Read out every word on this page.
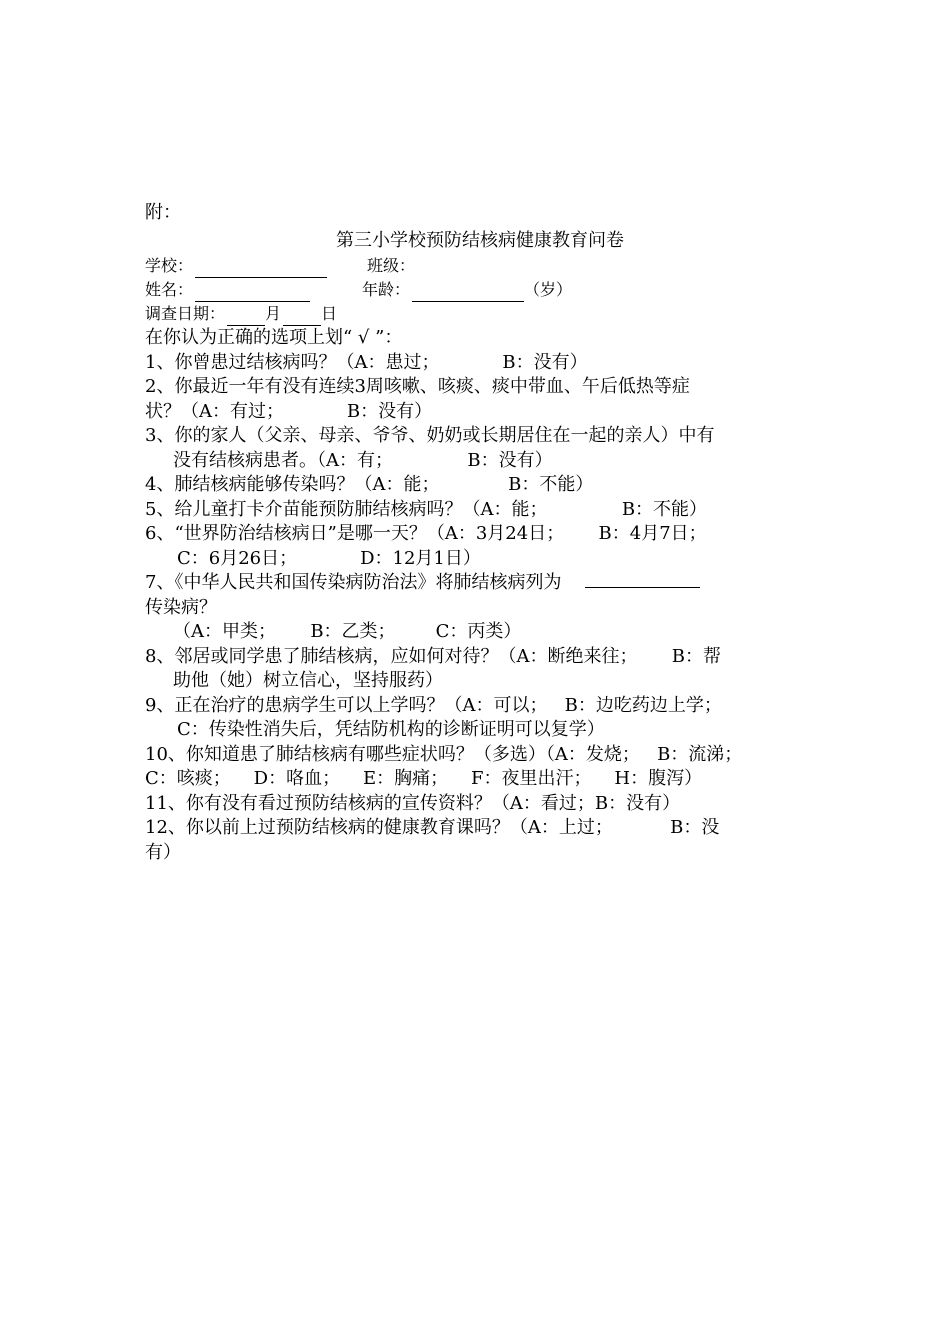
附：
第三小学校预防结核病健康教育问卷
学校：	班级：
姓名：	年龄：	（岁）
调查日期：	月	日
在你认为正确的选项上划“ √ ”：
1、你曾患过结核病吗？（A：患过；           B：没有）
2、你最近一年有没有连续3周咳嗽、咳痰、痰中带血、午后低热等症
状？（A：有过；           B：没有）
3、你的家人（父亲、母亲、爷爷、奶奶或长期居住在一起的亲人）中有
没有结核病患者。（A：有；             B：没有）
4、肺结核病能够传染吗？（A：能；            B：不能）
5、给儿童打卡介苗能预防肺结核病吗？（A：能；             B：不能）
6、“世界防治结核病日”是哪一天？（A：3月24日；      B：4月7日；
C：6月26日；           D：12月1日）
7、《中华人民共和国传染病防治法》将肺结核病列为
传染病？
（A：甲类；      B：乙类；       C：丙类）
8、邻居或同学患了肺结核病，应如何对待？（A：断绝来往；      B：帮
助他（她）树立信心，坚持服药）
9、正在治疗的患病学生可以上学吗？（A：可以；   B：边吃药边上学；
C：传染性消失后，凭结防机构的诊断证明可以复学）
10、你知道患了肺结核病有哪些症状吗？（多选）（A：发烧；   B：流涕；
C：咳痰；    D：咯血；    E：胸痛；    F：夜里出汗；    H：腹泻）
11、你有没有看过预防结核病的宣传资料？（A：看过；B：没有）
12、你以前上过预防结核病的健康教育课吗？（A：上过；          B：没
有）
